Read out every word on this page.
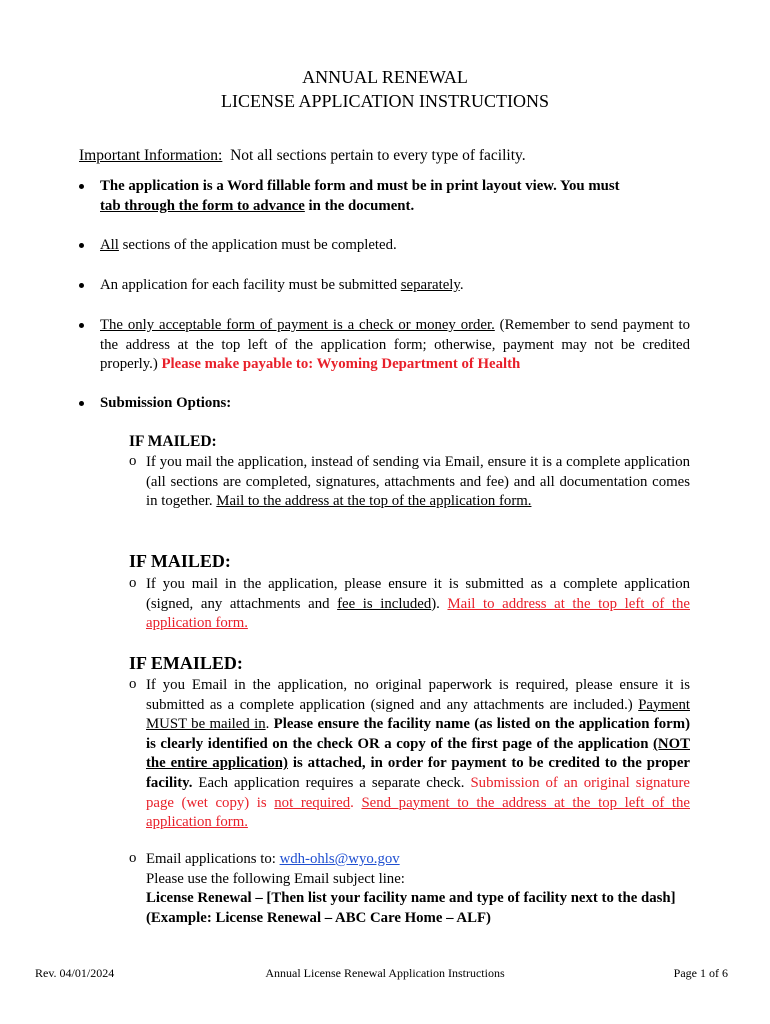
ANNUAL RENEWAL
LICENSE APPLICATION INSTRUCTIONS
Important Information: Not all sections pertain to every type of facility.
The application is a Word fillable form and must be in print layout view. You must
tab through the form to advance in the document.
All sections of the application must be completed.
An application for each facility must be submitted separately.
The only acceptable form of payment is a check or money order. (Remember to send payment to the address at the top left of the application form; otherwise, payment may not be credited properly.) Please make payable to: Wyoming Department of Health
Submission Options:
IF MAILED:
o If you mail the application, instead of sending via Email, ensure it is a complete application (all sections are completed, signatures, attachments and fee) and all documentation comes in together. Mail to the address at the top of the application form.
IF MAILED:
o If you mail in the application, please ensure it is submitted as a complete application (signed, any attachments and fee is included). Mail to address at the top left of the application form.
IF EMAILED:
o If you Email in the application, no original paperwork is required, please ensure it is submitted as a complete application (signed and any attachments are included.) Payment MUST be mailed in. Please ensure the facility name (as listed on the application form) is clearly identified on the check OR a copy of the first page of the application (NOT the entire application) is attached, in order for payment to be credited to the proper facility. Each application requires a separate check. Submission of an original signature page (wet copy) is not required. Send payment to the address at the top left of the application form.
o Email applications to: wdh-ohls@wyo.gov
Please use the following Email subject line:
License Renewal – [Then list your facility name and type of facility next to the dash]
(Example: License Renewal – ABC Care Home – ALF)
Rev. 04/01/2024	Annual License Renewal Application Instructions	Page 1 of 6
